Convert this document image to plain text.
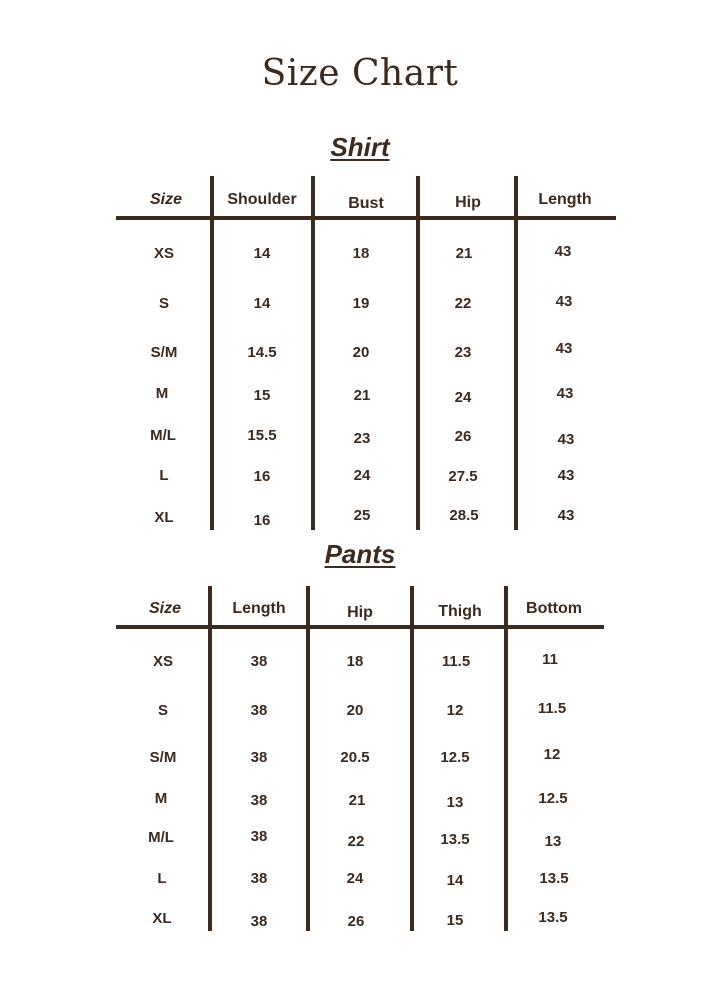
Size Chart
Shirt
Size	Shoulder	Bust	Hip	Length
XS	14	18	21	43
S	14	19	22	43
S/M	14.5	20	23	43
M	15	21	24	43
M/L	15.5	23	26	43
L	16	24	27.5	43
XL	16	25	28.5	43
Pants
Size	Length	Hip	Thigh	Bottom
XS	38	18	11.5	11
S	38	20	12	11.5
S/M	38	20.5	12.5	12
M	38	21	13	12.5
M/L	38	22	13.5	13
L	38	24	14	13.5
XL	38	26	15	13.5
